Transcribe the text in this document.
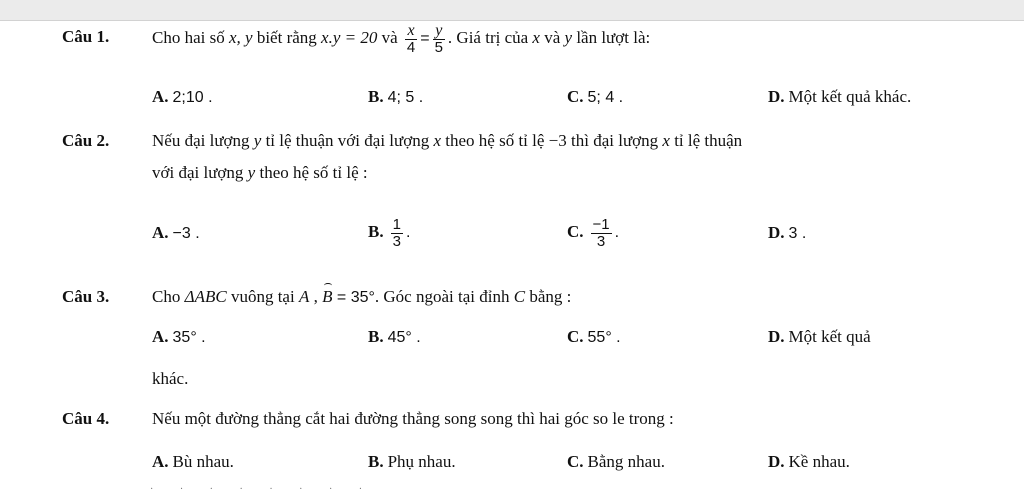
Câu 1.	Cho hai số x, y biết rằng x.y = 20 và $\frac{x}{4} = \frac{y}{5}$ . Giá trị của x và y lần lượt là:
A. 2;10 .	B. 4; 5 .	C. 5; 4 .	D. Một kết quả khác.
Câu 2.	Nếu đại lượng y tỉ lệ thuận với đại lượng x theo hệ số tỉ lệ −3 thì đại lượng x tỉ lệ thuận
với đại lượng y theo hệ số tỉ lệ :
A. −3 .	B. $\frac{1}{3}$ .	C. $\frac{-1}{3}$ .	D. 3 .
Câu 3.	Cho ΔABC vuông tại A , B = 35°. Góc ngoài tại đỉnh C bằng :
A. 35° .	B. 45° .	C. 55° .	D. Một kết quả
khác.
Câu 4.	Nếu một đường thẳng cắt hai đường thẳng song song thì hai góc so le trong :
A. Bù nhau.	B. Phụ nhau.	C. Bằng nhau.	D. Kề nhau.
· · · · · · · ·
